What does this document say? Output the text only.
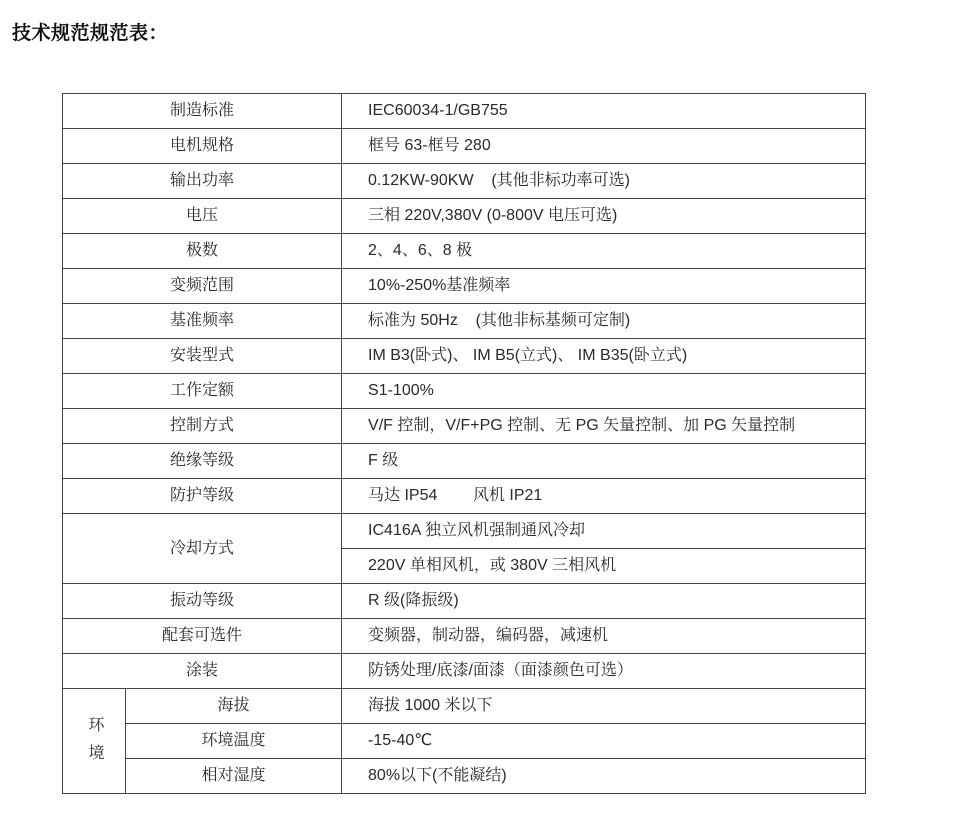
技术规范规范表：
制造标准		IEC60034-1/GB755
电机规格		框号 63-框号 280
输出功率		0.12KW-90KW    (其他非标功率可选)
电压		三相 220V,380V (0-800V 电压可选)
极数		2、4、6、8 极
变频范围		10%-250%基准频率
基准频率		标准为 50Hz    (其他非标基频可定制)
安装型式		IM B3(卧式)、 IM B5(立式)、 IM B35(卧立式)
工作定额		S1-100%
控制方式		V/F 控制，V/F+PG 控制、无 PG 矢量控制、加 PG 矢量控制
绝缘等级		F 级
防护等级		马达 IP54        风机 IP21
冷却方式		IC416A 独立风机强制通风冷却
		220V 单相风机，或 380V 三相风机
振动等级		R 级(降振级)
配套可选件		变频器，制动器，编码器，减速机
涂装		防锈处理/底漆/面漆（面漆颜色可选）
环境	海拔	海拔 1000 米以下
	环境温度	-15-40℃
	相对湿度	80%以下(不能凝结)
